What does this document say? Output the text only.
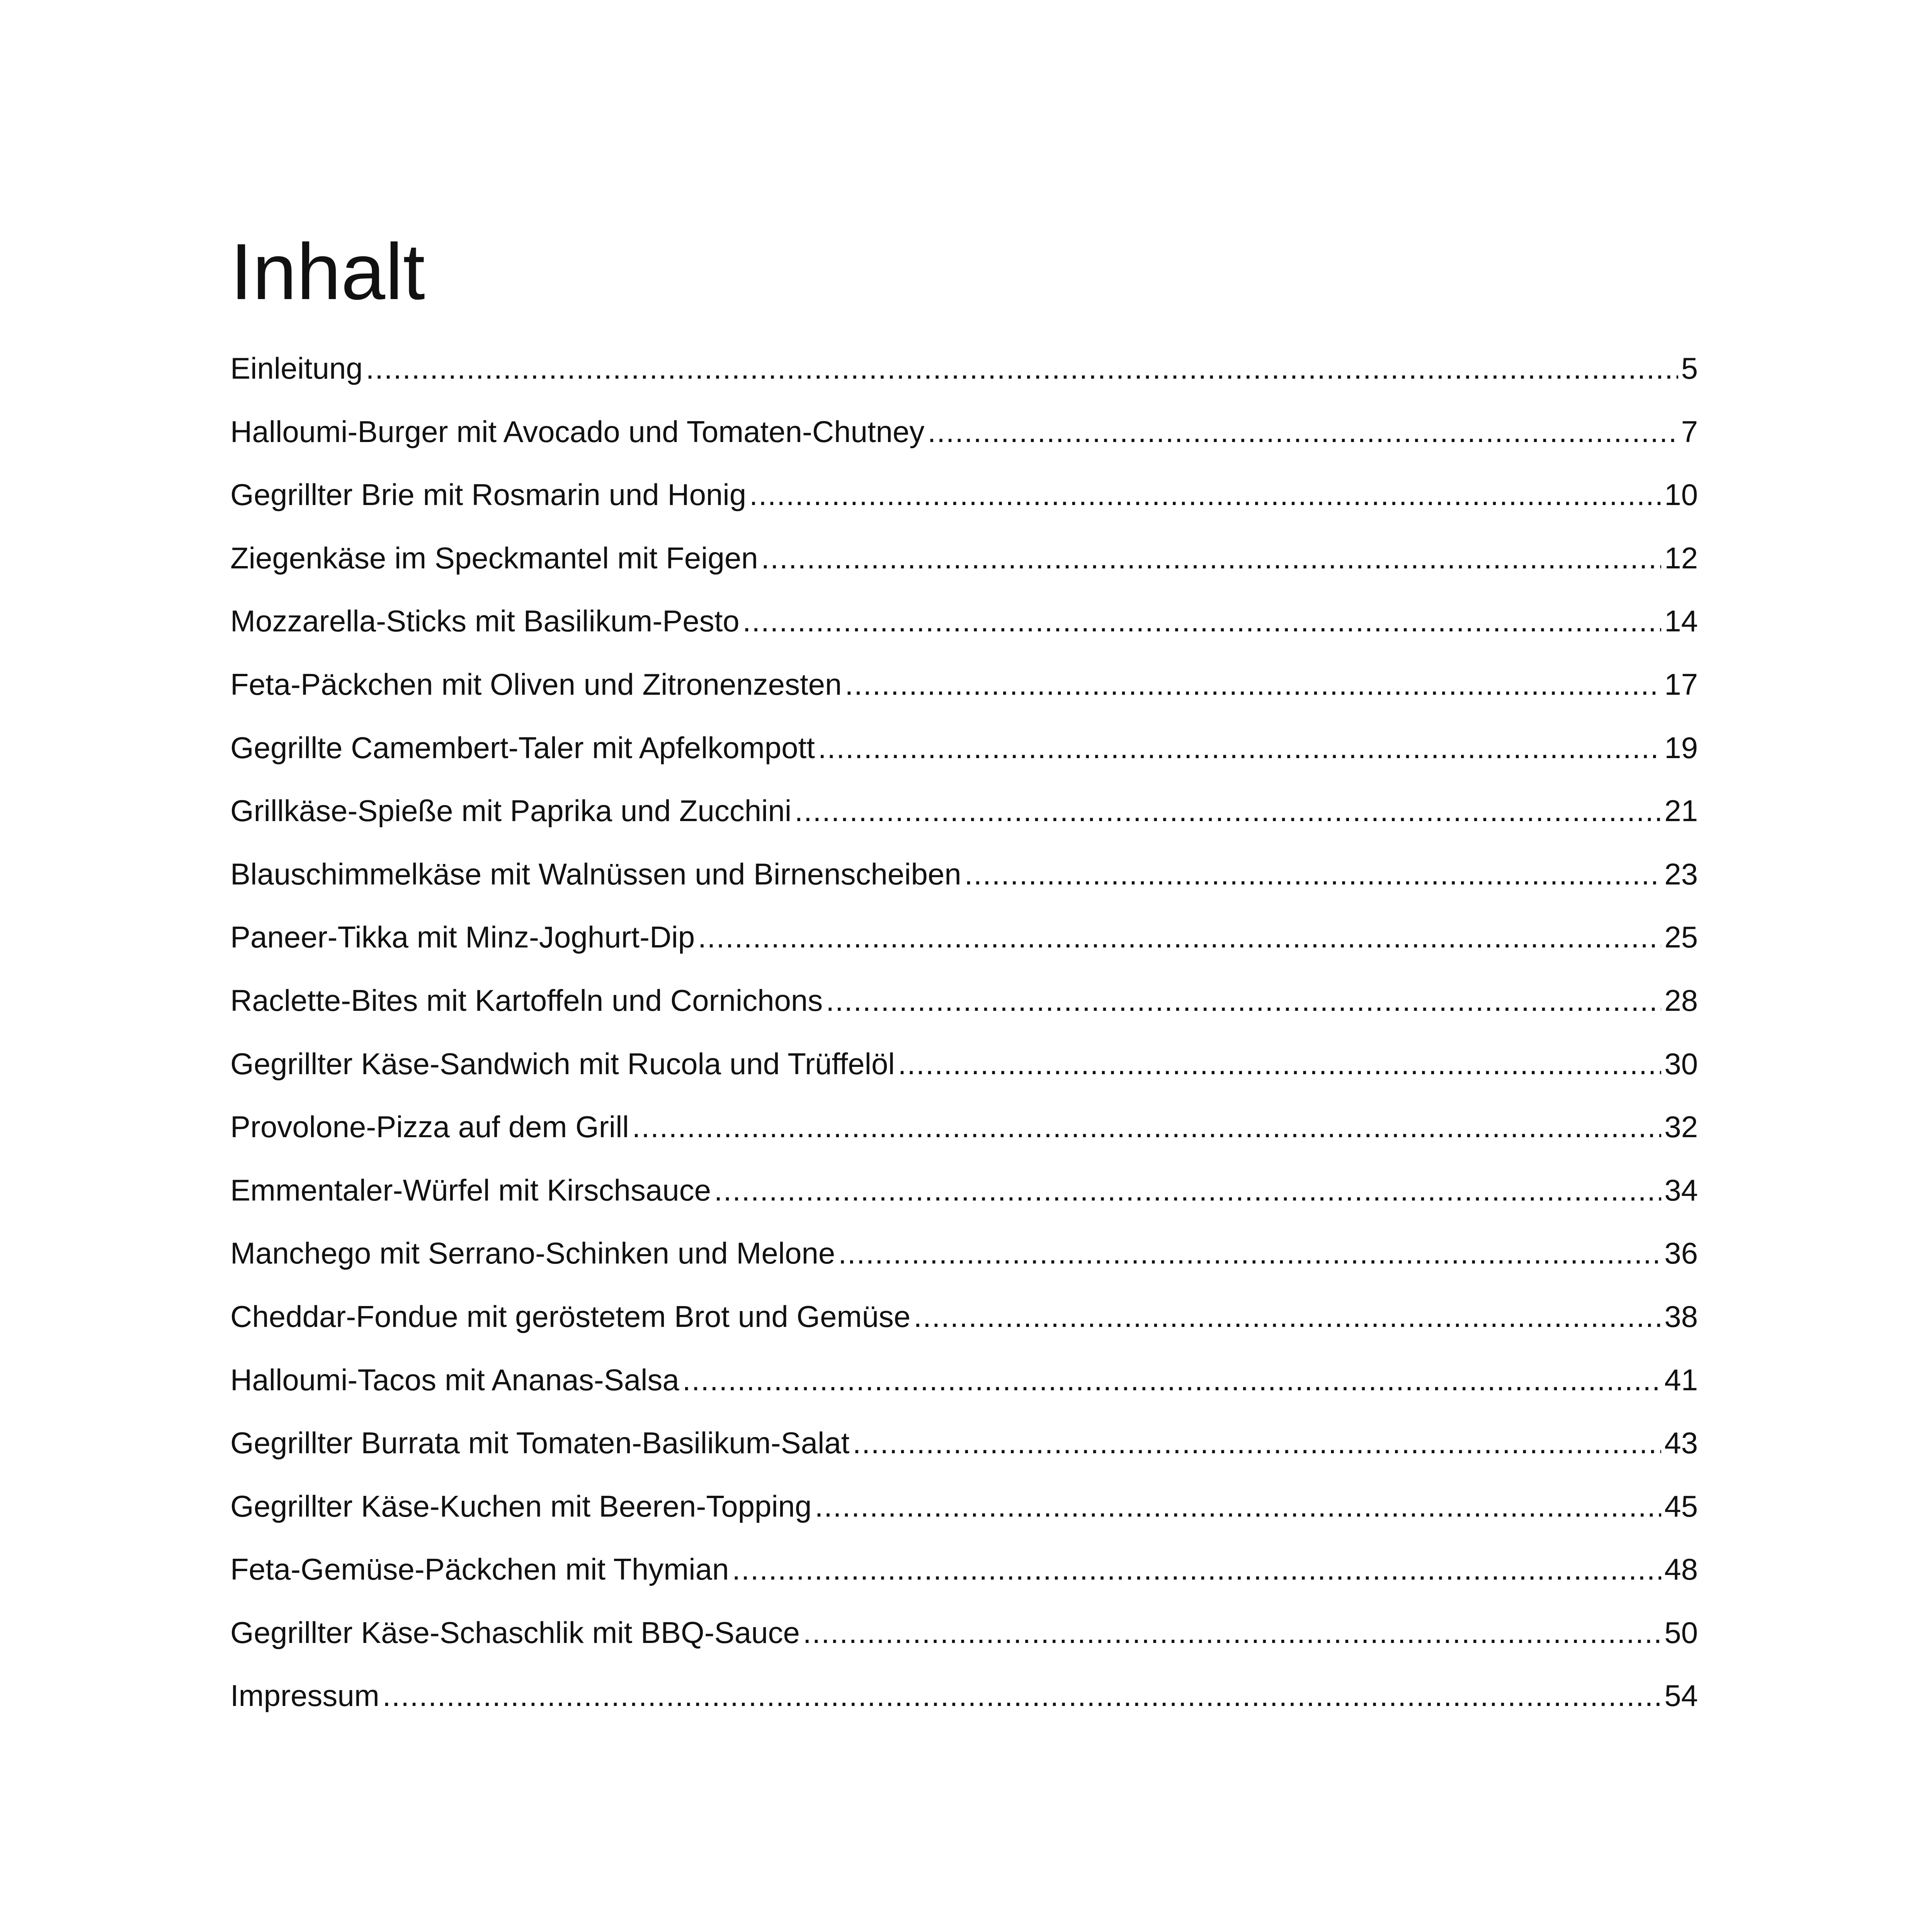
Inhalt
Einleitung .....	5
Halloumi-Burger mit Avocado und Tomaten-Chutney .....	7
Gegrillter Brie mit Rosmarin und Honig .....	10
Ziegenkäse im Speckmantel mit Feigen .....	12
Mozzarella-Sticks mit Basilikum-Pesto .....	14
Feta-Päckchen mit Oliven und Zitronenzesten .....	17
Gegrillte Camembert-Taler mit Apfelkompott .....	19
Grillkäse-Spieße mit Paprika und Zucchini .....	21
Blauschimmelkäse mit Walnüssen und Birnenscheiben .....	23
Paneer-Tikka mit Minz-Joghurt-Dip .....	25
Raclette-Bites mit Kartoffeln und Cornichons .....	28
Gegrillter Käse-Sandwich mit Rucola und Trüffelöl .....	30
Provolone-Pizza auf dem Grill .....	32
Emmentaler-Würfel mit Kirschsauce .....	34
Manchego mit Serrano-Schinken und Melone .....	36
Cheddar-Fondue mit geröstetem Brot und Gemüse .....	38
Halloumi-Tacos mit Ananas-Salsa .....	41
Gegrillter Burrata mit Tomaten-Basilikum-Salat .....	43
Gegrillter Käse-Kuchen mit Beeren-Topping .....	45
Feta-Gemüse-Päckchen mit Thymian .....	48
Gegrillter Käse-Schaschlik mit BBQ-Sauce .....	50
Impressum .....	54
